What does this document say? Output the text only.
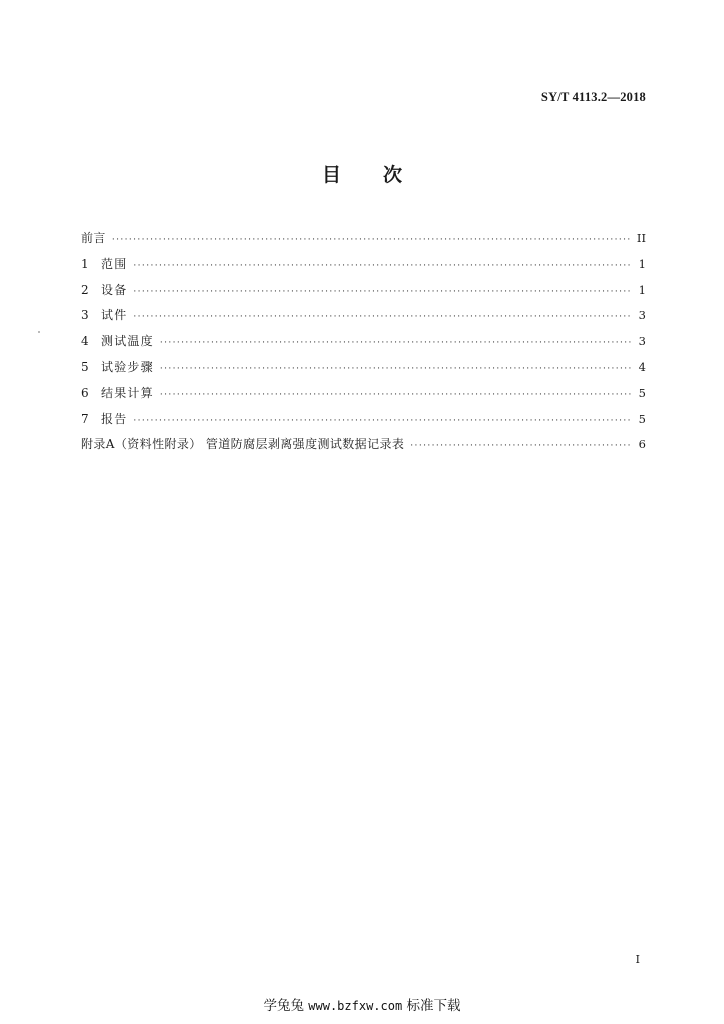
SY/T 4113.2—2018
目 次
前言 ·····	II
1	范围 ·····	1
2	设备 ·····	1
3	试件 ·····	3
4	测试温度 ·····	3
5	试验步骤 ·····	4
6	结果计算 ·····	5
7	报告 ·····	5
附录A（资料性附录） 管道防腐层剥离强度测试数据记录表 ·····	6
I
学兔兔 www.bzfxw.com 标准下载
